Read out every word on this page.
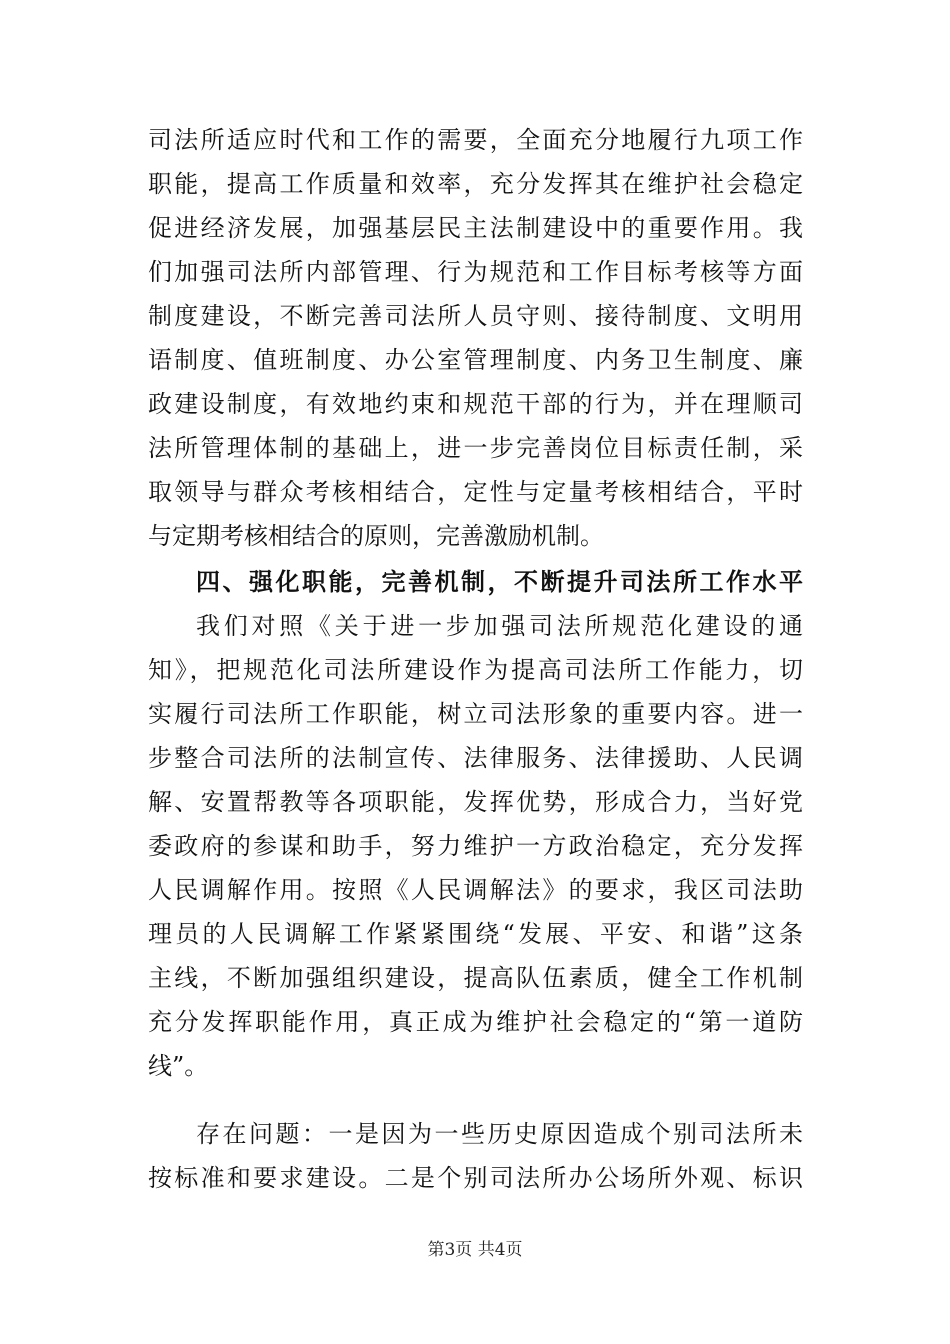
司法所适应时代和工作的需要，全面充分地履行九项工作
职能，提高工作质量和效率，充分发挥其在维护社会稳定
促进经济发展，加强基层民主法制建设中的重要作用。我
们加强司法所内部管理、行为规范和工作目标考核等方面
制度建设，不断完善司法所人员守则、接待制度、文明用
语制度、值班制度、办公室管理制度、内务卫生制度、廉
政建设制度，有效地约束和规范干部的行为，并在理顺司
法所管理体制的基础上，进一步完善岗位目标责任制，采
取领导与群众考核相结合，定性与定量考核相结合，平时
与定期考核相结合的原则，完善激励机制。
四、强化职能，完善机制，不断提升司法所工作水平
我们对照《关于进一步加强司法所规范化建设的通
知》，把规范化司法所建设作为提高司法所工作能力，切
实履行司法所工作职能，树立司法形象的重要内容。进一
步整合司法所的法制宣传、法律服务、法律援助、人民调
解、安置帮教等各项职能，发挥优势，形成合力，当好党
委政府的参谋和助手，努力维护一方政治稳定，充分发挥
人民调解作用。按照《人民调解法》的要求，我区司法助
理员的人民调解工作紧紧围绕“发展、平安、和谐”这条
主线，不断加强组织建设，提高队伍素质，健全工作机制
充分发挥职能作用，真正成为维护社会稳定的“第一道防
线”。
存在问题：一是因为一些历史原因造成个别司法所未
按标准和要求建设。二是个别司法所办公场所外观、标识
第3页 共4页
